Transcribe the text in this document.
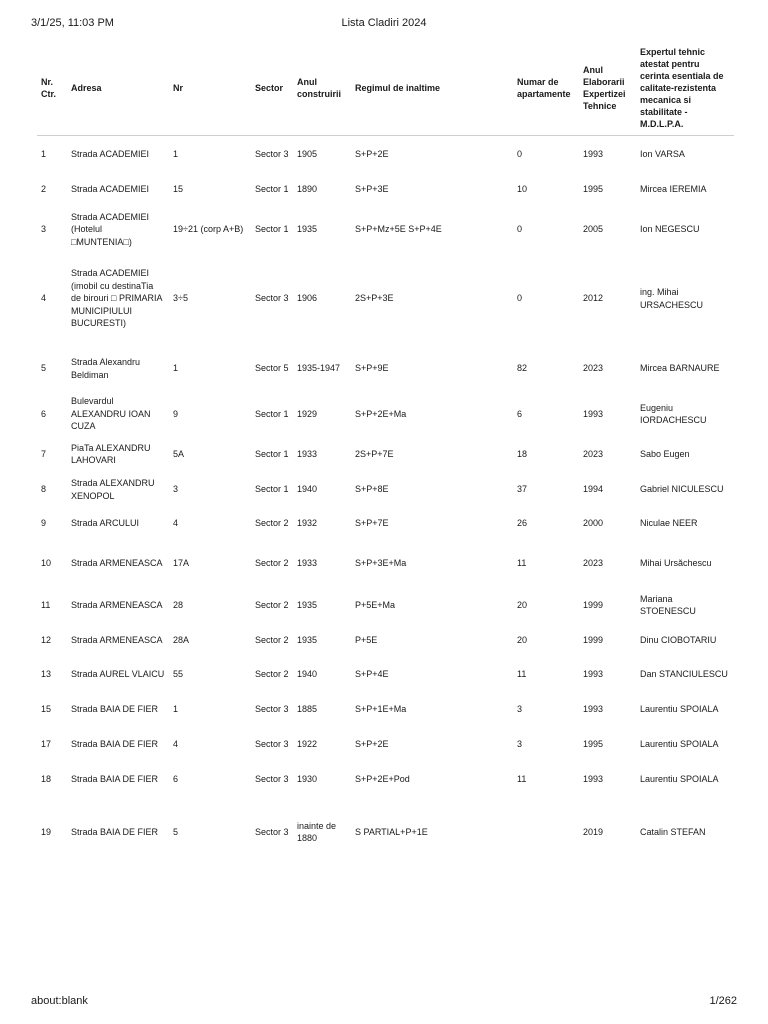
3/1/25, 11:03 PM	Lista Cladiri 2024
Nr. Ctr.	Adresa	Nr	Sector	Anul construirii	Regimul de inaltime	Numar de apartamente	Anul Elaborarii Expertizei Tehnice	Expertul tehnic atestat pentru cerinta esentiala de calitate-rezistenta mecanica si stabilitate - M.D.L.P.A.
1	Strada ACADEMIEI	1	Sector 3	1905	S+P+2E	0	1993	Ion VARSA
2	Strada ACADEMIEI	15	Sector 1	1890	S+P+3E	10	1995	Mircea IEREMIA
3	Strada ACADEMIEI (Hotelul □MUNTENIA□)	19÷21 (corp A+B)	Sector 1	1935	S+P+Mz+5E S+P+4E	0	2005	Ion NEGESCU
4	Strada ACADEMIEI (imobil cu destinaTia de birouri □ PRIMARIA MUNICIPIULUI BUCURESTI)	3÷5	Sector 3	1906	2S+P+3E	0	2012	ing. Mihai URSACHESCU
5	Strada Alexandru Beldiman	1	Sector 5	1935-1947	S+P+9E	82	2023	Mircea BARNAURE
6	Bulevardul ALEXANDRU IOAN CUZA	9	Sector 1	1929	S+P+2E+Ma	6	1993	Eugeniu IORDACHESCU
7	PiaTa ALEXANDRU LAHOVARI	5A	Sector 1	1933	2S+P+7E	18	2023	Sabo Eugen
8	Strada ALEXANDRU XENOPOL	3	Sector 1	1940	S+P+8E	37	1994	Gabriel NICULESCU
9	Strada ARCULUI	4	Sector 2	1932	S+P+7E	26	2000	Niculae NEER
10	Strada ARMENEASCA	17A	Sector 2	1933	S+P+3E+Ma	11	2023	Mihai Ursăchescu
11	Strada ARMENEASCA	28	Sector 2	1935	P+5E+Ma	20	1999	Mariana STOENESCU
12	Strada ARMENEASCA	28A	Sector 2	1935	P+5E	20	1999	Dinu CIOBOTARIU
13	Strada AUREL VLAICU	55	Sector 2	1940	S+P+4E	11	1993	Dan STANCIULESCU
15	Strada BAIA DE FIER	1	Sector 3	1885	S+P+1E+Ma	3	1993	Laurentiu SPOIALA
17	Strada BAIA DE FIER	4	Sector 3	1922	S+P+2E	3	1995	Laurentiu SPOIALA
18	Strada BAIA DE FIER	6	Sector 3	1930	S+P+2E+Pod	11	1993	Laurentiu SPOIALA
19	Strada BAIA DE FIER	5	Sector 3	inainte de 1880	S PARTIAL+P+1E		2019	Catalin STEFAN
about:blank	1/262
